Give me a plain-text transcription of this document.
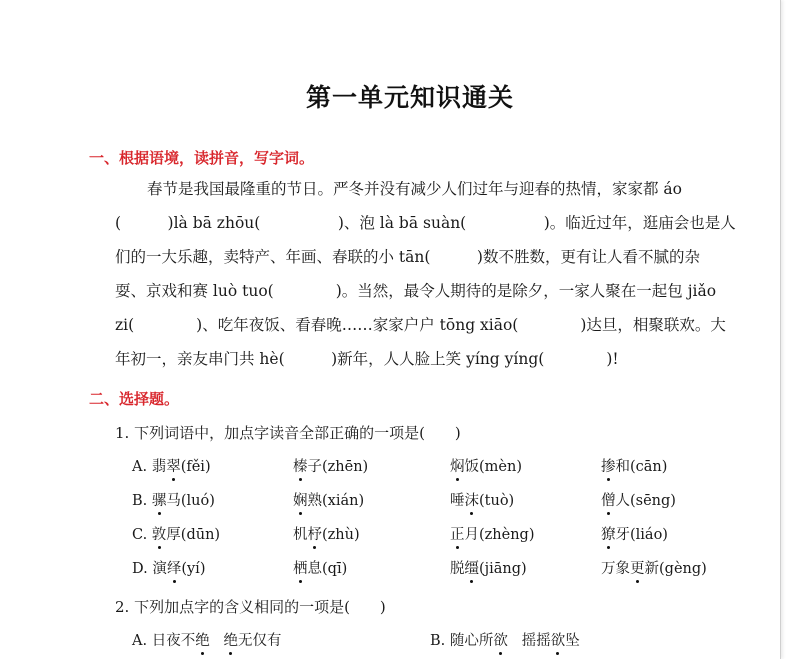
第一单元知识通关
一、根据语境，读拼音，写字词。
春节是我国最隆重的节日。严冬并没有减少人们过年与迎春的热情，家家都 áo
(　　　)là bā zhōu(　　　　　)、泡 là bā suàn(　　　　　)。临近过年，逛庙会也是人
们的一大乐趣，卖特产、年画、春联的小 tān(　　　)数不胜数，更有让人看不腻的杂
耍、京戏和赛 luò tuo(　　　　)。当然，最令人期待的是除夕，一家人聚在一起包 jiǎo
zi(　　　　)、吃年夜饭、看春晚……家家户户 tōng xiāo(　　　　)达旦，相聚联欢。大
年初一，亲友串门共 hè(　　　)新年，人人脸上笑 yíng yíng(　　　　)!
二、选择题。
1. 下列词语中，加点字读音全部正确的一项是(　　)
A. 翡翠(fěi)	榛子(zhēn)	焖饭(mèn)	掺和(cān)
B. 骡马(luó)	娴熟(xián)	唾沫(tuò)	僧人(sēng)
C. 敦厚(dūn)	机杼(zhù)	正月(zhèng)	獠牙(liáo)
D. 演绎(yí)	栖息(qī)	脱缰(jiāng)	万象更新(gèng)
2. 下列加点字的含义相同的一项是(　　)
A. 日夜不绝 绝无仅有	B. 随心所欲 摇摇欲坠
